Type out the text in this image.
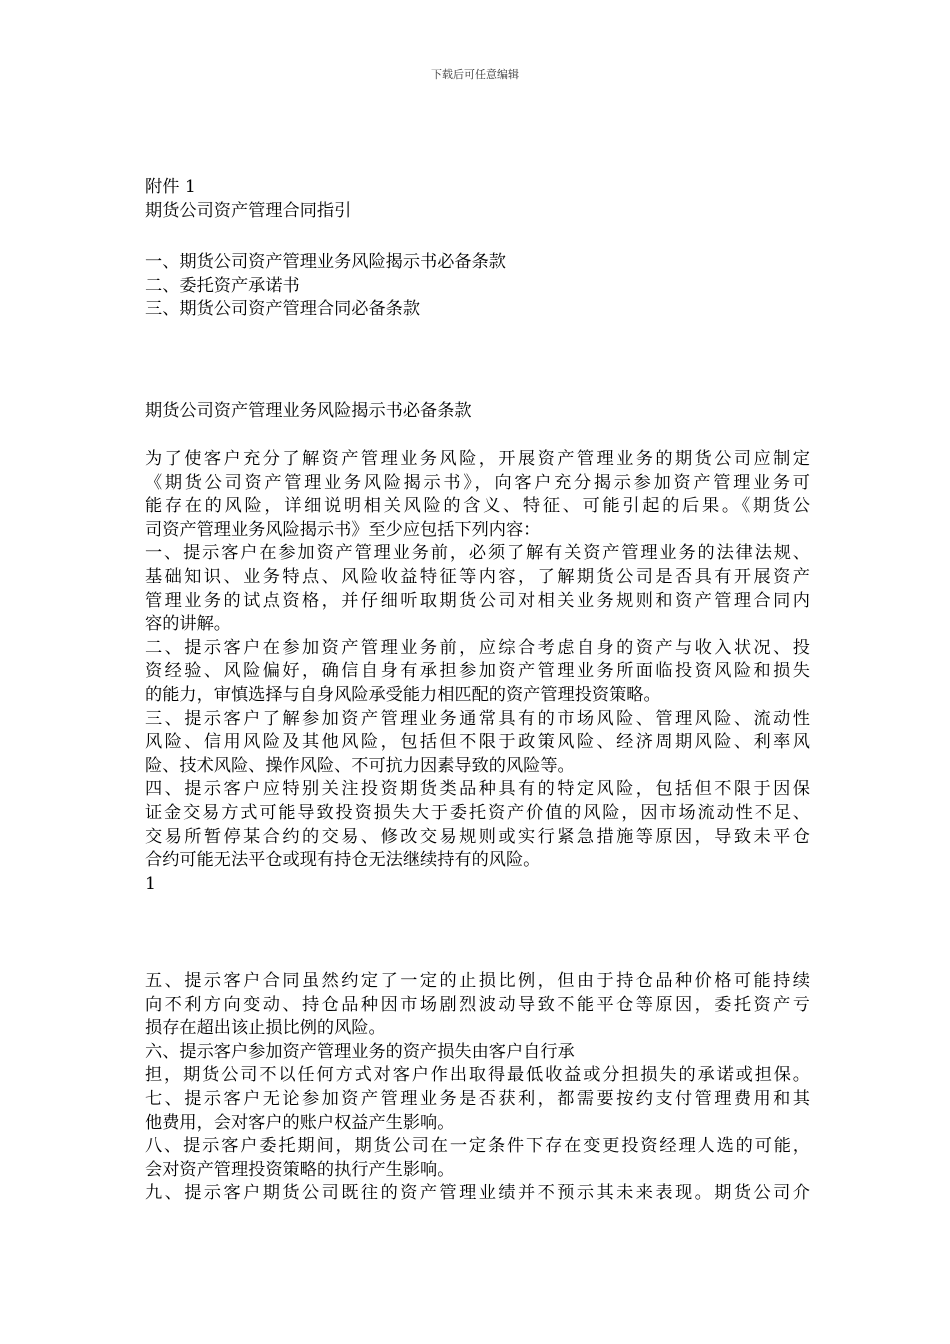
下载后可任意编辑
附件 1
期货公司资产管理合同指引
一、期货公司资产管理业务风险揭示书必备条款
二、委托资产承诺书
三、期货公司资产管理合同必备条款
期货公司资产管理业务风险揭示书必备条款
为了使客户充分了解资产管理业务风险，开展资产管理业务的期货公司应制定
《期货公司资产管理业务风险揭示书》，向客户充分揭示参加资产管理业务可
能存在的风险，详细说明相关风险的含义、特征、可能引起的后果。《期货公
司资产管理业务风险揭示书》至少应包括下列内容：
一、提示客户在参加资产管理业务前，必须了解有关资产管理业务的法律法规、
基础知识、业务特点、风险收益特征等内容，了解期货公司是否具有开展资产
管理业务的试点资格，并仔细听取期货公司对相关业务规则和资产管理合同内
容的讲解。
二、提示客户在参加资产管理业务前，应综合考虑自身的资产与收入状况、投
资经验、风险偏好，确信自身有承担参加资产管理业务所面临投资风险和损失
的能力，审慎选择与自身风险承受能力相匹配的资产管理投资策略。
三、提示客户了解参加资产管理业务通常具有的市场风险、管理风险、流动性
风险、信用风险及其他风险，包括但不限于政策风险、经济周期风险、利率风
险、技术风险、操作风险、不可抗力因素导致的风险等。
四、提示客户应特别关注投资期货类品种具有的特定风险，包括但不限于因保
证金交易方式可能导致投资损失大于委托资产价值的风险，因市场流动性不足、
交易所暂停某合约的交易、修改交易规则或实行紧急措施等原因，导致未平仓
合约可能无法平仓或现有持仓无法继续持有的风险。
1
五、提示客户合同虽然约定了一定的止损比例，但由于持仓品种价格可能持续
向不利方向变动、持仓品种因市场剧烈波动导致不能平仓等原因，委托资产亏
损存在超出该止损比例的风险。
六、提示客户参加资产管理业务的资产损失由客户自行承
担，期货公司不以任何方式对客户作出取得最低收益或分担损失的承诺或担保。
七、提示客户无论参加资产管理业务是否获利，都需要按约支付管理费用和其
他费用，会对客户的账户权益产生影响。
八、提示客户委托期间，期货公司在一定条件下存在变更投资经理人选的可能，
会对资产管理投资策略的执行产生影响。
九、提示客户期货公司既往的资产管理业绩并不预示其未来表现。期货公司介
